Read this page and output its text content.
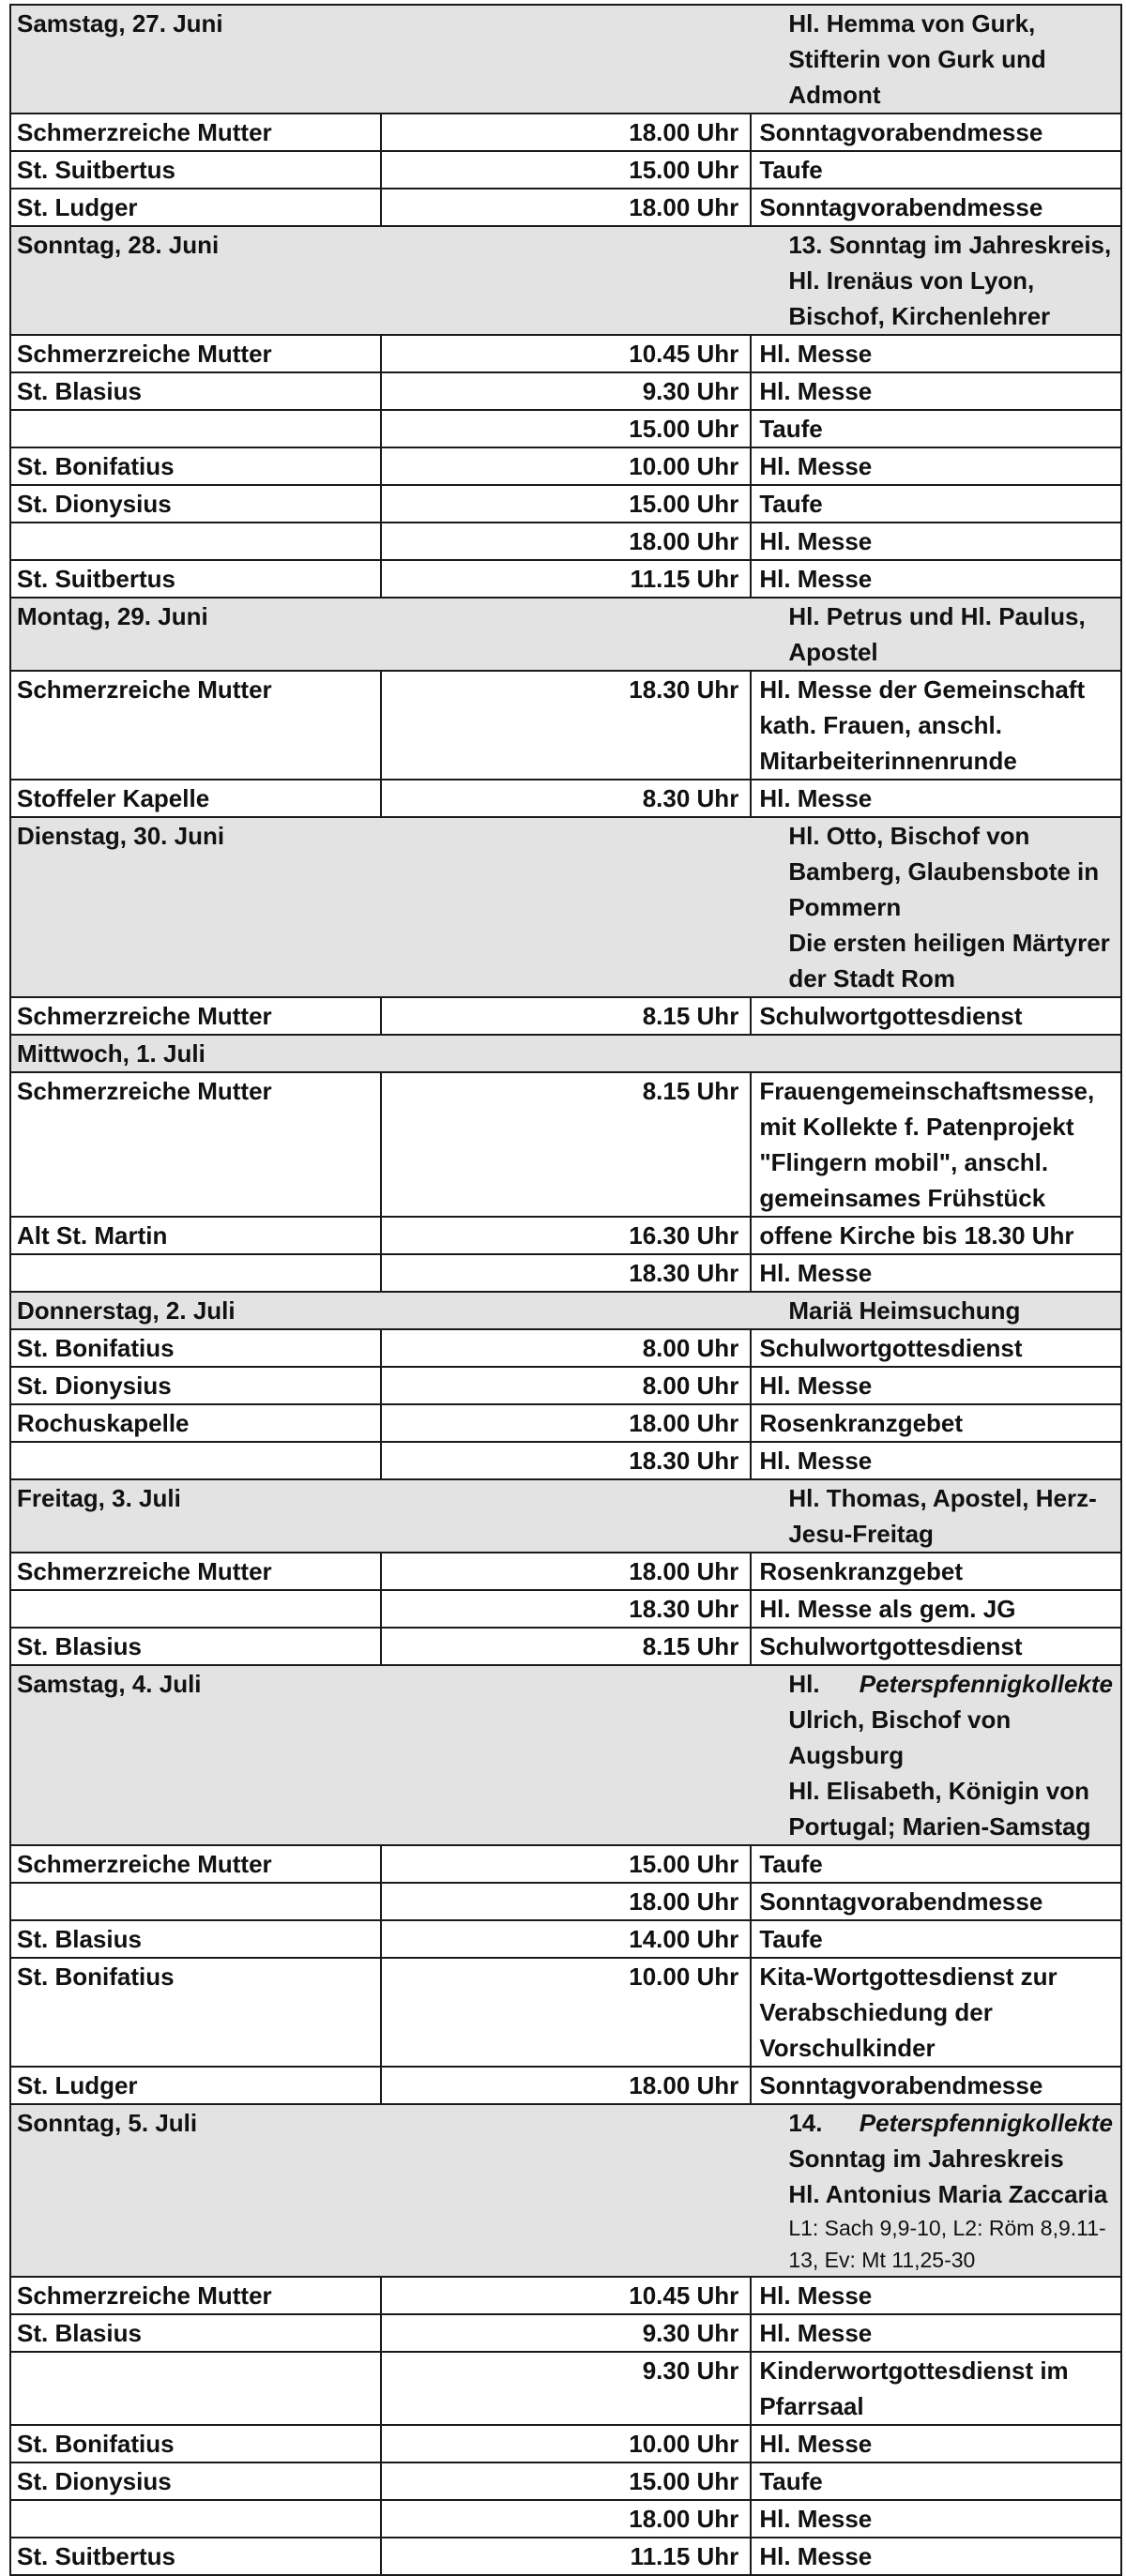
Samstag, 27. Juni		Hl. Hemma von Gurk, Stifterin von Gurk und Admont

Schmerzreiche Mutter	18.00 Uhr	Sonntagvorabendmesse

St. Suitbertus	15.00 Uhr	Taufe

St. Ludger	18.00 Uhr	Sonntagvorabendmesse

Sonntag, 28. Juni		13. Sonntag im Jahreskreis,
Hl. Irenäus von Lyon, Bischof, Kirchenlehrer

Schmerzreiche Mutter	10.45 Uhr	Hl. Messe

St. Blasius	9.30 Uhr	Hl. Messe

	15.00 Uhr	Taufe

St. Bonifatius	10.00 Uhr	Hl. Messe

St. Dionysius	15.00 Uhr	Taufe

	18.00 Uhr	Hl. Messe

St. Suitbertus	11.15 Uhr	Hl. Messe

Montag, 29. Juni		Hl. Petrus und Hl. Paulus, Apostel

Schmerzreiche Mutter	18.30 Uhr	Hl. Messe der Gemeinschaft kath. Frauen, anschl.
Mitarbeiterinnenrunde

Stoffeler Kapelle	8.30 Uhr	Hl. Messe

Dienstag, 30. Juni		Hl. Otto, Bischof von Bamberg, Glaubensbote in Pommern
Die ersten heiligen Märtyrer der Stadt Rom

Schmerzreiche Mutter	8.15 Uhr	Schulwortgottesdienst

Mittwoch, 1. Juli		
Schmerzreiche Mutter	8.15 Uhr	Frauengemeinschaftsmesse, mit Kollekte f. Patenprojekt
"Flingern mobil", anschl. gemeinsames Frühstück

Alt St. Martin	16.30 Uhr	offene Kirche bis 18.30 Uhr

	18.30 Uhr	Hl. Messe

Donnerstag, 2. Juli		Mariä Heimsuchung

St. Bonifatius	8.00 Uhr	Schulwortgottesdienst

St. Dionysius	8.00 Uhr	Hl. Messe

Rochuskapelle	18.00 Uhr	Rosenkranzgebet

	18.30 Uhr	Hl. Messe

Freitag, 3. Juli		Hl. Thomas, Apostel, Herz-Jesu-Freitag

Schmerzreiche Mutter	18.00 Uhr	Rosenkranzgebet

	18.30 Uhr	Hl. Messe als gem. JG

St. Blasius	8.15 Uhr	Schulwortgottesdienst

Samstag, 4. Juli		Peterspfennigkollekte
Hl. Ulrich, Bischof von Augsburg
Hl. Elisabeth, Königin von Portugal; Marien-Samstag

Schmerzreiche Mutter	15.00 Uhr	Taufe

	18.00 Uhr	Sonntagvorabendmesse

St. Blasius	14.00 Uhr	Taufe

St. Bonifatius	10.00 Uhr	Kita-Wortgottesdienst zur Verabschiedung der
Vorschulkinder

St. Ludger	18.00 Uhr	Sonntagvorabendmesse

Sonntag, 5. Juli		Peterspfennigkollekte
14. Sonntag im Jahreskreis
Hl. Antonius Maria Zaccaria
L1: Sach 9,9-10, L2: Röm 8,9.11-13, Ev: Mt 11,25-30

Schmerzreiche Mutter	10.45 Uhr	Hl. Messe

St. Blasius	9.30 Uhr	Hl. Messe

	9.30 Uhr	Kinderwortgottesdienst im Pfarrsaal

St. Bonifatius	10.00 Uhr	Hl. Messe

St. Dionysius	15.00 Uhr	Taufe

	18.00 Uhr	Hl. Messe

St. Suitbertus	11.15 Uhr	Hl. Messe
